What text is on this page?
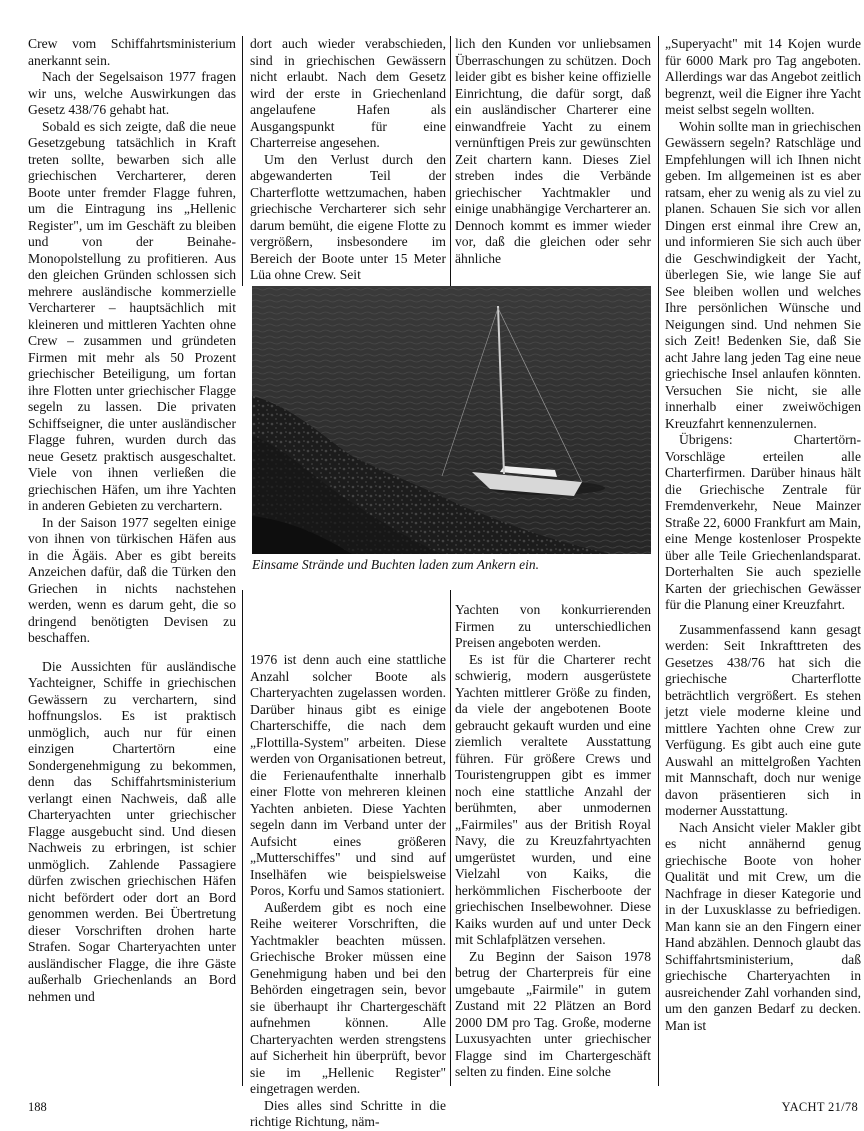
Crew vom Schiffahrtsministerium anerkannt sein.

Nach der Segelsaison 1977 fragen wir uns, welche Auswirkungen das Gesetz 438/76 gehabt hat.

Sobald es sich zeigte, daß die neue Gesetzgebung tatsächlich in Kraft treten sollte, bewarben sich alle griechischen Vercharterer, deren Boote unter fremder Flagge fuhren, um die Eintragung ins „Hellenic Register", um im Geschäft zu bleiben und von der Beinahe-Monopolstellung zu profitieren. Aus den gleichen Gründen schlossen sich mehrere ausländische kommerzielle Vercharterer – hauptsächlich mit kleineren und mittleren Yachten ohne Crew – zusammen und gründeten Firmen mit mehr als 50 Prozent griechischer Beteiligung, um fortan ihre Flotten unter griechischer Flagge segeln zu lassen. Die privaten Schiffseigner, die unter ausländischer Flagge fuhren, wurden durch das neue Gesetz praktisch ausgeschaltet. Viele von ihnen verließen die griechischen Häfen, um ihre Yachten in anderen Gebieten zu verchartern.

In der Saison 1977 segelten einige von ihnen von türkischen Häfen aus in die Ägäis. Aber es gibt bereits Anzeichen dafür, daß die Türken den Griechen in nichts nachstehen werden, wenn es darum geht, die so dringend benötigten Devisen zu beschaffen.

Die Aussichten für ausländische Yachteigner, Schiffe in griechischen Gewässern zu verchartern, sind hoffnungslos. Es ist praktisch unmöglich, auch nur für einen einzigen Chartertörn eine Sondergenehmigung zu bekommen, denn das Schiffahrtsministerium verlangt einen Nachweis, daß alle Charteryachten unter griechischer Flagge ausgebucht sind. Und diesen Nachweis zu erbringen, ist schier unmöglich. Zahlende Passagiere dürfen zwischen griechischen Häfen nicht befördert oder dort an Bord genommen werden. Bei Übertretung dieser Vorschriften drohen harte Strafen. Sogar Charteryachten unter ausländischer Flagge, die ihre Gäste außerhalb Griechenlands an Bord nehmen und

dort auch wieder verabschieden, sind in griechischen Gewässern nicht erlaubt. Nach dem Gesetz wird der erste in Griechenland angelaufene Hafen als Ausgangspunkt für eine Charterreise angesehen.

Um den Verlust durch den abgewanderten Teil der Charterflotte wettzumachen, haben griechische Vercharterer sich sehr darum bemüht, die eigene Flotte zu vergrößern, insbesondere im Bereich der Boote unter 15 Meter Lüa ohne Crew. Seit

lich den Kunden vor unliebsamen Überraschungen zu schützen. Doch leider gibt es bisher keine offizielle Einrichtung, die dafür sorgt, daß ein ausländischer Charterer eine einwandfreie Yacht zu einem vernünftigen Preis zur gewünschten Zeit chartern kann. Dieses Ziel streben indes die Verbände griechischer Yachtmakler und einige unabhängige Vercharterer an. Dennoch kommt es immer wieder vor, daß die gleichen oder sehr ähnliche

Einsame Strände und Buchten laden zum Ankern ein.

1976 ist denn auch eine stattliche Anzahl solcher Boote als Charteryachten zugelassen worden. Darüber hinaus gibt es einige Charterschiffe, die nach dem „Flottilla-System" arbeiten. Diese werden von Organisationen betreut, die Ferienaufenthalte innerhalb einer Flotte von mehreren kleinen Yachten anbieten. Diese Yachten segeln dann im Verband unter der Aufsicht eines größeren „Mutterschiffes" und sind auf Inselhäfen wie beispielsweise Poros, Korfu und Samos stationiert.

Außerdem gibt es noch eine Reihe weiterer Vorschriften, die Yachtmakler beachten müssen. Griechische Broker müssen eine Genehmigung haben und bei den Behörden eingetragen sein, bevor sie überhaupt ihr Chartergeschäft aufnehmen können. Alle Charteryachten werden strengstens auf Sicherheit hin überprüft, bevor sie im „Hellenic Register" eingetragen werden.

Dies alles sind Schritte in die richtige Richtung, näm-

Yachten von konkurrierenden Firmen zu unterschiedlichen Preisen angeboten werden.

Es ist für die Charterer recht schwierig, modern ausgerüstete Yachten mittlerer Größe zu finden, da viele der angebotenen Boote gebraucht gekauft wurden und eine ziemlich veraltete Ausstattung führen. Für größere Crews und Touristengruppen gibt es immer noch eine stattliche Anzahl der berühmten, aber unmodernen „Fairmiles" aus der British Royal Navy, die zu Kreuzfahrtyachten umgerüstet wurden, und eine Vielzahl von Kaiks, die herkömmlichen Fischerboote der griechischen Inselbewohner. Diese Kaiks wurden auf und unter Deck mit Schlafplätzen versehen.

Zu Beginn der Saison 1978 betrug der Charterpreis für eine umgebaute „Fairmile" in gutem Zustand mit 22 Plätzen an Bord 2000 DM pro Tag. Große, moderne Luxusyachten unter griechischer Flagge sind im Chartergeschäft selten zu finden. Eine solche

„Superyacht" mit 14 Kojen wurde für 6000 Mark pro Tag angeboten. Allerdings war das Angebot zeitlich begrenzt, weil die Eigner ihre Yacht meist selbst segeln wollten.

Wohin sollte man in griechischen Gewässern segeln? Ratschläge und Empfehlungen will ich Ihnen nicht geben. Im allgemeinen ist es aber ratsam, eher zu wenig als zu viel zu planen. Schauen Sie sich vor allen Dingen erst einmal ihre Crew an, und informieren Sie sich auch über die Geschwindigkeit der Yacht, überlegen Sie, wie lange Sie auf See bleiben wollen und welches Ihre persönlichen Wünsche und Neigungen sind. Und nehmen Sie sich Zeit! Bedenken Sie, daß Sie acht Jahre lang jeden Tag eine neue griechische Insel anlaufen könnten. Versuchen Sie nicht, sie alle innerhalb einer zweiwöchigen Kreuzfahrt kennenzulernen.

Übrigens: Chartertörn-Vorschläge erteilen alle Charterfirmen. Darüber hinaus hält die Griechische Zentrale für Fremdenverkehr, Neue Mainzer Straße 22, 6000 Frankfurt am Main, eine Menge kostenloser Prospekte über alle Teile Griechenlandsparat. Dorterhalten Sie auch spezielle Karten der griechischen Gewässer für die Planung einer Kreuzfahrt.

Zusammenfassend kann gesagt werden: Seit Inkrafttreten des Gesetzes 438/76 hat sich die griechische Charterflotte beträchtlich vergrößert. Es stehen jetzt viele moderne kleine und mittlere Yachten ohne Crew zur Verfügung. Es gibt auch eine gute Auswahl an mittelgroßen Yachten mit Mannschaft, doch nur wenige davon präsentieren sich in moderner Ausstattung.

Nach Ansicht vieler Makler gibt es nicht annähernd genug griechische Boote von hoher Qualität und mit Crew, um die Nachfrage in dieser Kategorie und in der Luxusklasse zu befriedigen. Man kann sie an den Fingern einer Hand abzählen. Dennoch glaubt das Schiffahrtsministerium, daß griechische Charteryachten in ausreichender Zahl vorhanden sind, um den ganzen Bedarf zu decken. Man ist

188	YACHT 21/78
